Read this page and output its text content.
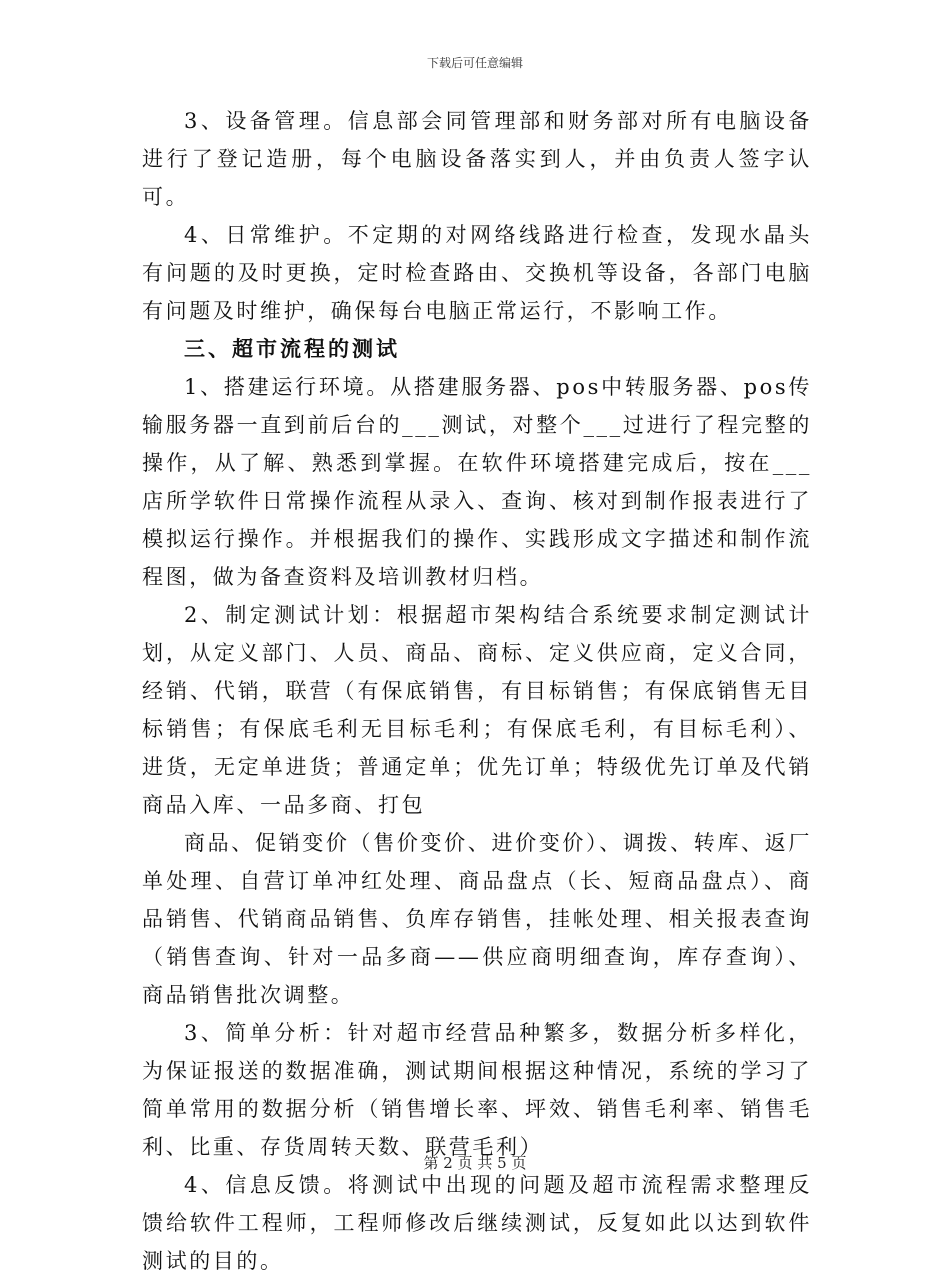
下载后可任意编辑

3、设备管理。信息部会同管理部和财务部对所有电脑设备进行了登记造册，每个电脑设备落实到人，并由负责人签字认可。

4、日常维护。不定期的对网络线路进行检查，发现水晶头有问题的及时更换，定时检查路由、交换机等设备，各部门电脑有问题及时维护，确保每台电脑正常运行，不影响工作。

三、超市流程的测试

1、搭建运行环境。从搭建服务器、pos中转服务器、pos传输服务器一直到前后台的___测试，对整个___过进行了程完整的操作，从了解、熟悉到掌握。在软件环境搭建完成后，按在___店所学软件日常操作流程从录入、查询、核对到制作报表进行了模拟运行操作。并根据我们的操作、实践形成文字描述和制作流程图，做为备查资料及培训教材归档。

2、制定测试计划：根据超市架构结合系统要求制定测试计划，从定义部门、人员、商品、商标、定义供应商，定义合同，经销、代销，联营（有保底销售，有目标销售；有保底销售无目标销售；有保底毛利无目标毛利；有保底毛利，有目标毛利）、进货，无定单进货；普通定单；优先订单；特级优先订单及代销商品入库、一品多商、打包

商品、促销变价（售价变价、进价变价）、调拨、转库、返厂单处理、自营订单冲红处理、商品盘点（长、短商品盘点）、商品销售、代销商品销售、负库存销售，挂帐处理、相关报表查询（销售查询、针对一品多商——供应商明细查询，库存查询）、商品销售批次调整。

3、简单分析：针对超市经营品种繁多，数据分析多样化，为保证报送的数据准确，测试期间根据这种情况，系统的学习了简单常用的数据分析（销售增长率、坪效、销售毛利率、销售毛利、比重、存货周转天数、联营毛利）

4、信息反馈。将测试中出现的问题及超市流程需求整理反馈给软件工程师，工程师修改后继续测试，反复如此以达到软件测试的目的。

第 2 页 共 5 页
